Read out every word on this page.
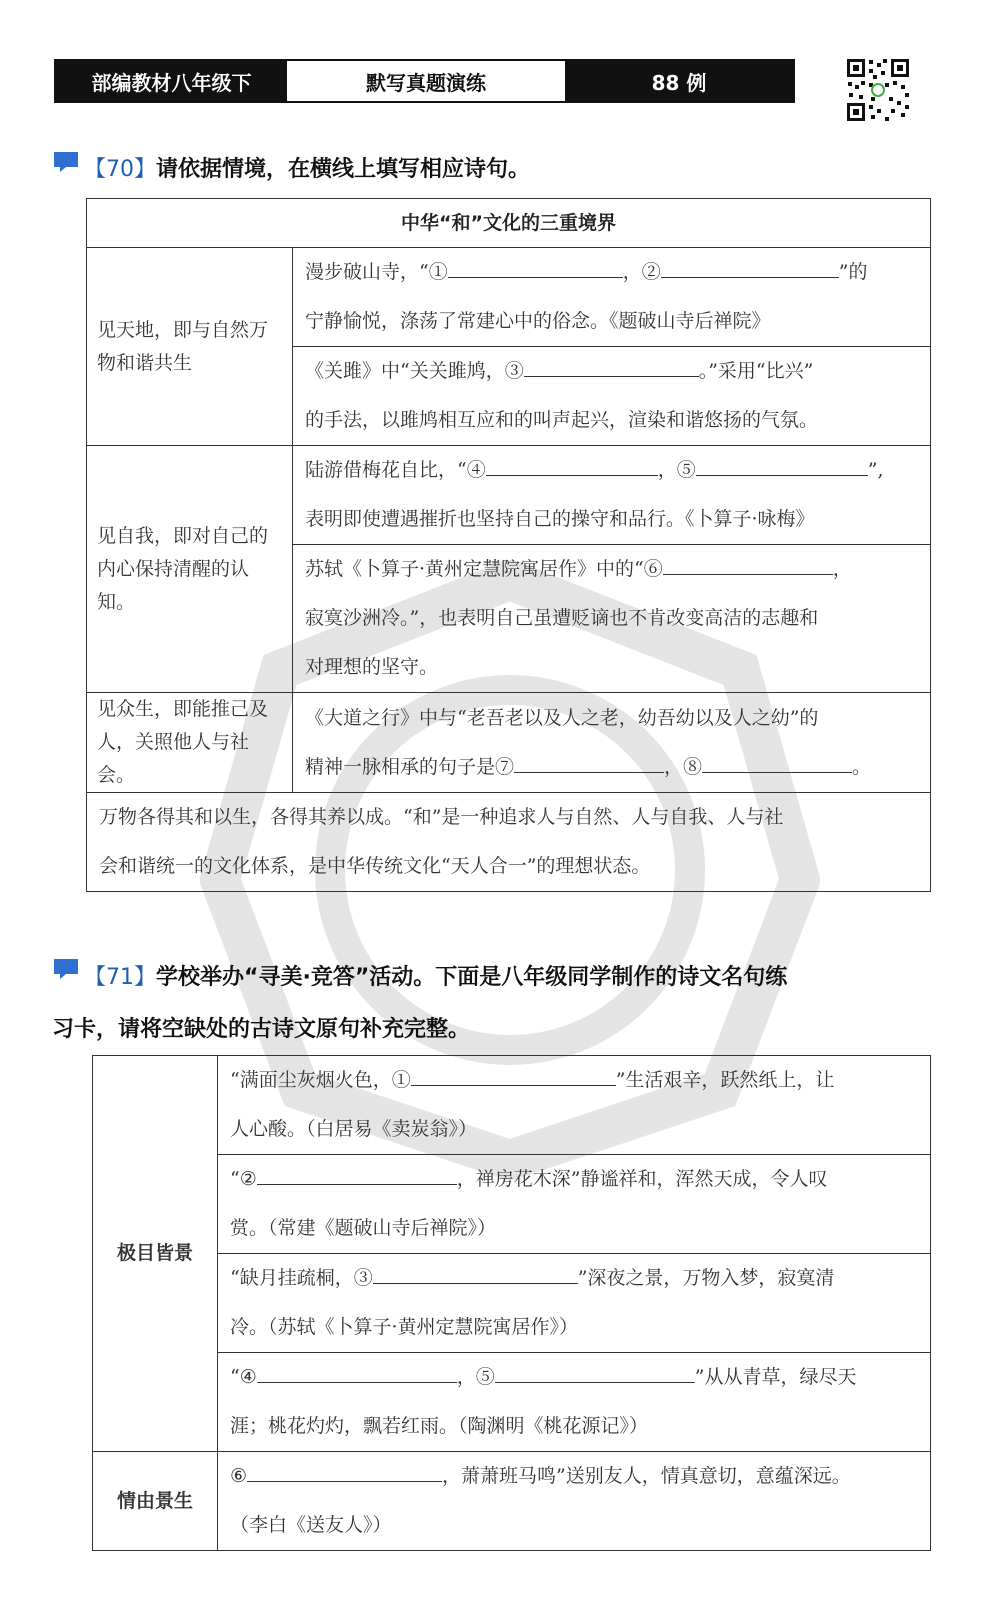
部编教材八年级下	默写真题演练	88 例
【70】请依据情境，在横线上填写相应诗句。
中华“和”文化的三重境界	
见天地，即与自然万物和谐共生	漫步破山寺，“① ，② ”的
宁静愉悦，涤荡了常建心中的俗念。《题破山寺后禅院》
	《关雎》中“关关雎鸠，③ 。”采用“比兴”
的手法，以雎鸠相互应和的叫声起兴，渲染和谐悠扬的气氛。
见自我，即对自己的内心保持清醒的认知。	陆游借梅花自比，“④ ，⑤ ”,
表明即使遭遇摧折也坚持自己的操守和品行。《卜算子·咏梅》
	苏轼《卜算子·黄州定慧院寓居作》中的“⑥ ，
寂寞沙洲冷。”，也表明自己虽遭贬谪也不肯改变高洁的志趣和
对理想的坚守。
见众生，即能推己及人，关照他人与社会。	《大道之行》中与“老吾老以及人之老，幼吾幼以及人之幼”的
精神一脉相承的句子是⑦ ，⑧ 。
万物各得其和以生，各得其养以成。“和”是一种追求人与自然、人与自我、人与社
会和谐统一的文化体系，是中华传统文化“天人合一”的理想状态。	
【71】学校举办“寻美·竞答”活动。下面是八年级同学制作的诗文名句练
习卡，请将空缺处的古诗文原句补充完整。
极目皆景	“满面尘灰烟火色，① ”生活艰辛，跃然纸上，让
人心酸。（白居易《卖炭翁》）
	“② ，禅房花木深”静谧祥和，浑然天成，令人叹
赏。（常建《题破山寺后禅院》）
	“缺月挂疏桐，③ ”深夜之景，万物入梦，寂寞清
冷。（苏轼《卜算子·黄州定慧院寓居作》）
	“④ ，⑤ ”从从青草，绿尽天
涯；桃花灼灼，飘若红雨。（陶渊明《桃花源记》）
情由景生	⑥ ，萧萧班马鸣”送别友人，情真意切，意蕴深远。
（李白《送友人》）
